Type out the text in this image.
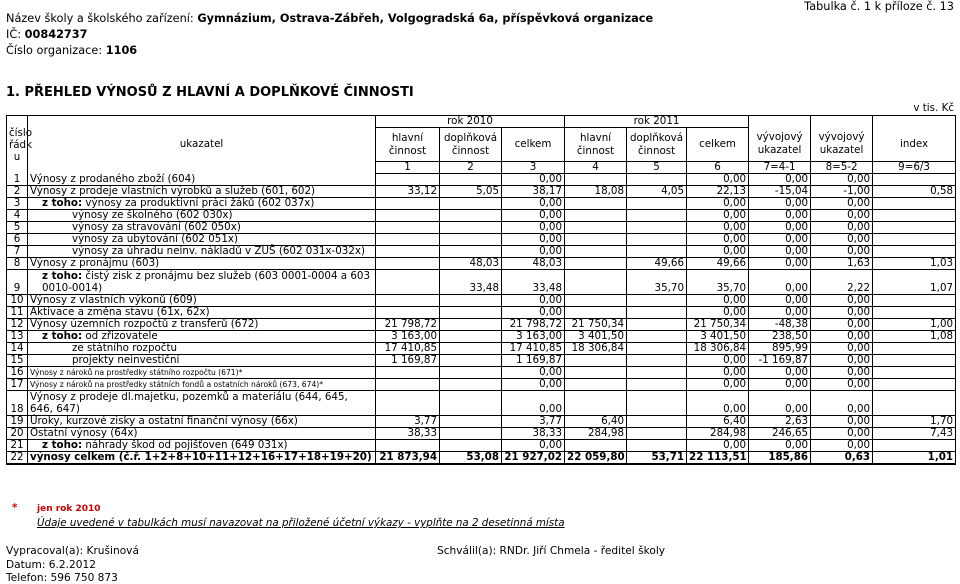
Název školy a školského zařízení: Gymnázium, Ostrava-Zábřeh, Volgogradská 6a, příspěvková organizace
IČ: 00842737
Číslo organizace: 1106
Tabulka č. 1 k příloze č. 13
1. PŘEHLED VÝNOSŮ Z HLAVNÍ A DOPLŇKOVÉ ČINNOSTI
v tis. Kč
číslo řádk u	ukazatel	rok 2010			rok 2011					
		hlavní činnost	doplňková činnost	celkem	hlavní činnost	doplňková činnost	celkem	vývojový ukazatel	vývojový ukazatel	index
		1	2	3	4	5	6	7=4-1	8=5-2	9=6/3
1	Výnosy z prodaného zboží (604)			0,00			0,00	0,00	0,00	
2	Výnosy z prodeje vlastních výrobků a služeb (601, 602)	33,12	5,05	38,17	18,08	4,05	22,13	-15,04	-1,00	0,58
3	z toho: výnosy za produktivní práci žáků (602 037x)			0,00			0,00	0,00	0,00	
4	výnosy ze školného (602 030x)			0,00			0,00	0,00	0,00	
5	výnosy za stravování (602 050x)			0,00			0,00	0,00	0,00	
6	výnosy za ubytování (602 051x)			0,00			0,00	0,00	0,00	
7	výnosy za úhradu neinv. nákladů v ZUŠ (602 031x-032x)			0,00			0,00	0,00	0,00	
8	Výnosy z pronájmu (603)		48,03	48,03		49,66	49,66	0,00	1,63	1,03
9	z toho: čistý zisk z pronájmu bez služeb (603 0001-0004 a 603 0010-0014)		33,48	33,48		35,70	35,70	0,00	2,22	1,07
10	Výnosy z vlastních výkonů (609)			0,00			0,00	0,00	0,00	
11	Aktivace a změna stavu (61x, 62x)			0,00			0,00	0,00	0,00	
12	Výnosy územních rozpočtů z transferů (672)	21 798,72		21 798,72	21 750,34		21 750,34	-48,38	0,00	1,00
13	z toho: od zřizovatele	3 163,00		3 163,00	3 401,50		3 401,50	238,50	0,00	1,08
14	ze státního rozpočtu	17 410,85		17 410,85	18 306,84		18 306,84	895,99	0,00	
15	projekty neinvestiční	1 169,87		1 169,87			0,00	-1 169,87	0,00	
16	Výnosy z nároků na prostředky státního rozpočtu (671)*			0,00			0,00	0,00	0,00	
17	Výnosy z nároků na prostředky státních fondů a ostatních nároků (673, 674)*			0,00			0,00	0,00	0,00	
18	Výnosy z prodeje dl.majetku, pozemků a materiálu (644, 645, 646, 647)			0,00			0,00	0,00	0,00	
19	Úroky, kurzové zisky a ostatní finanční výnosy (66x)	3,77		3,77	6,40		6,40	2,63	0,00	1,70
20	Ostatní výnosy (64x)	38,33		38,33	284,98		284,98	246,65	0,00	7,43
21	z toho: náhrady škod od pojišťoven (649 031x)			0,00			0,00	0,00	0,00	
22	výnosy celkem (č.ř. 1+2+8+10+11+12+16+17+18+19+20)	21 873,94	53,08	21 927,02	22 059,80	53,71	22 113,51	185,86	0,63	1,01
* jen rok 2010
Údaje uvedené v tabulkách musí navazovat na přiložené účetní výkazy - vyplňte na 2 desetinná místa
Vypracoval(a): Krušinová
Datum: 6.2.2012
Telefon: 596 750 873
Schválil(a): RNDr. Jiří Chmela - ředitel školy
